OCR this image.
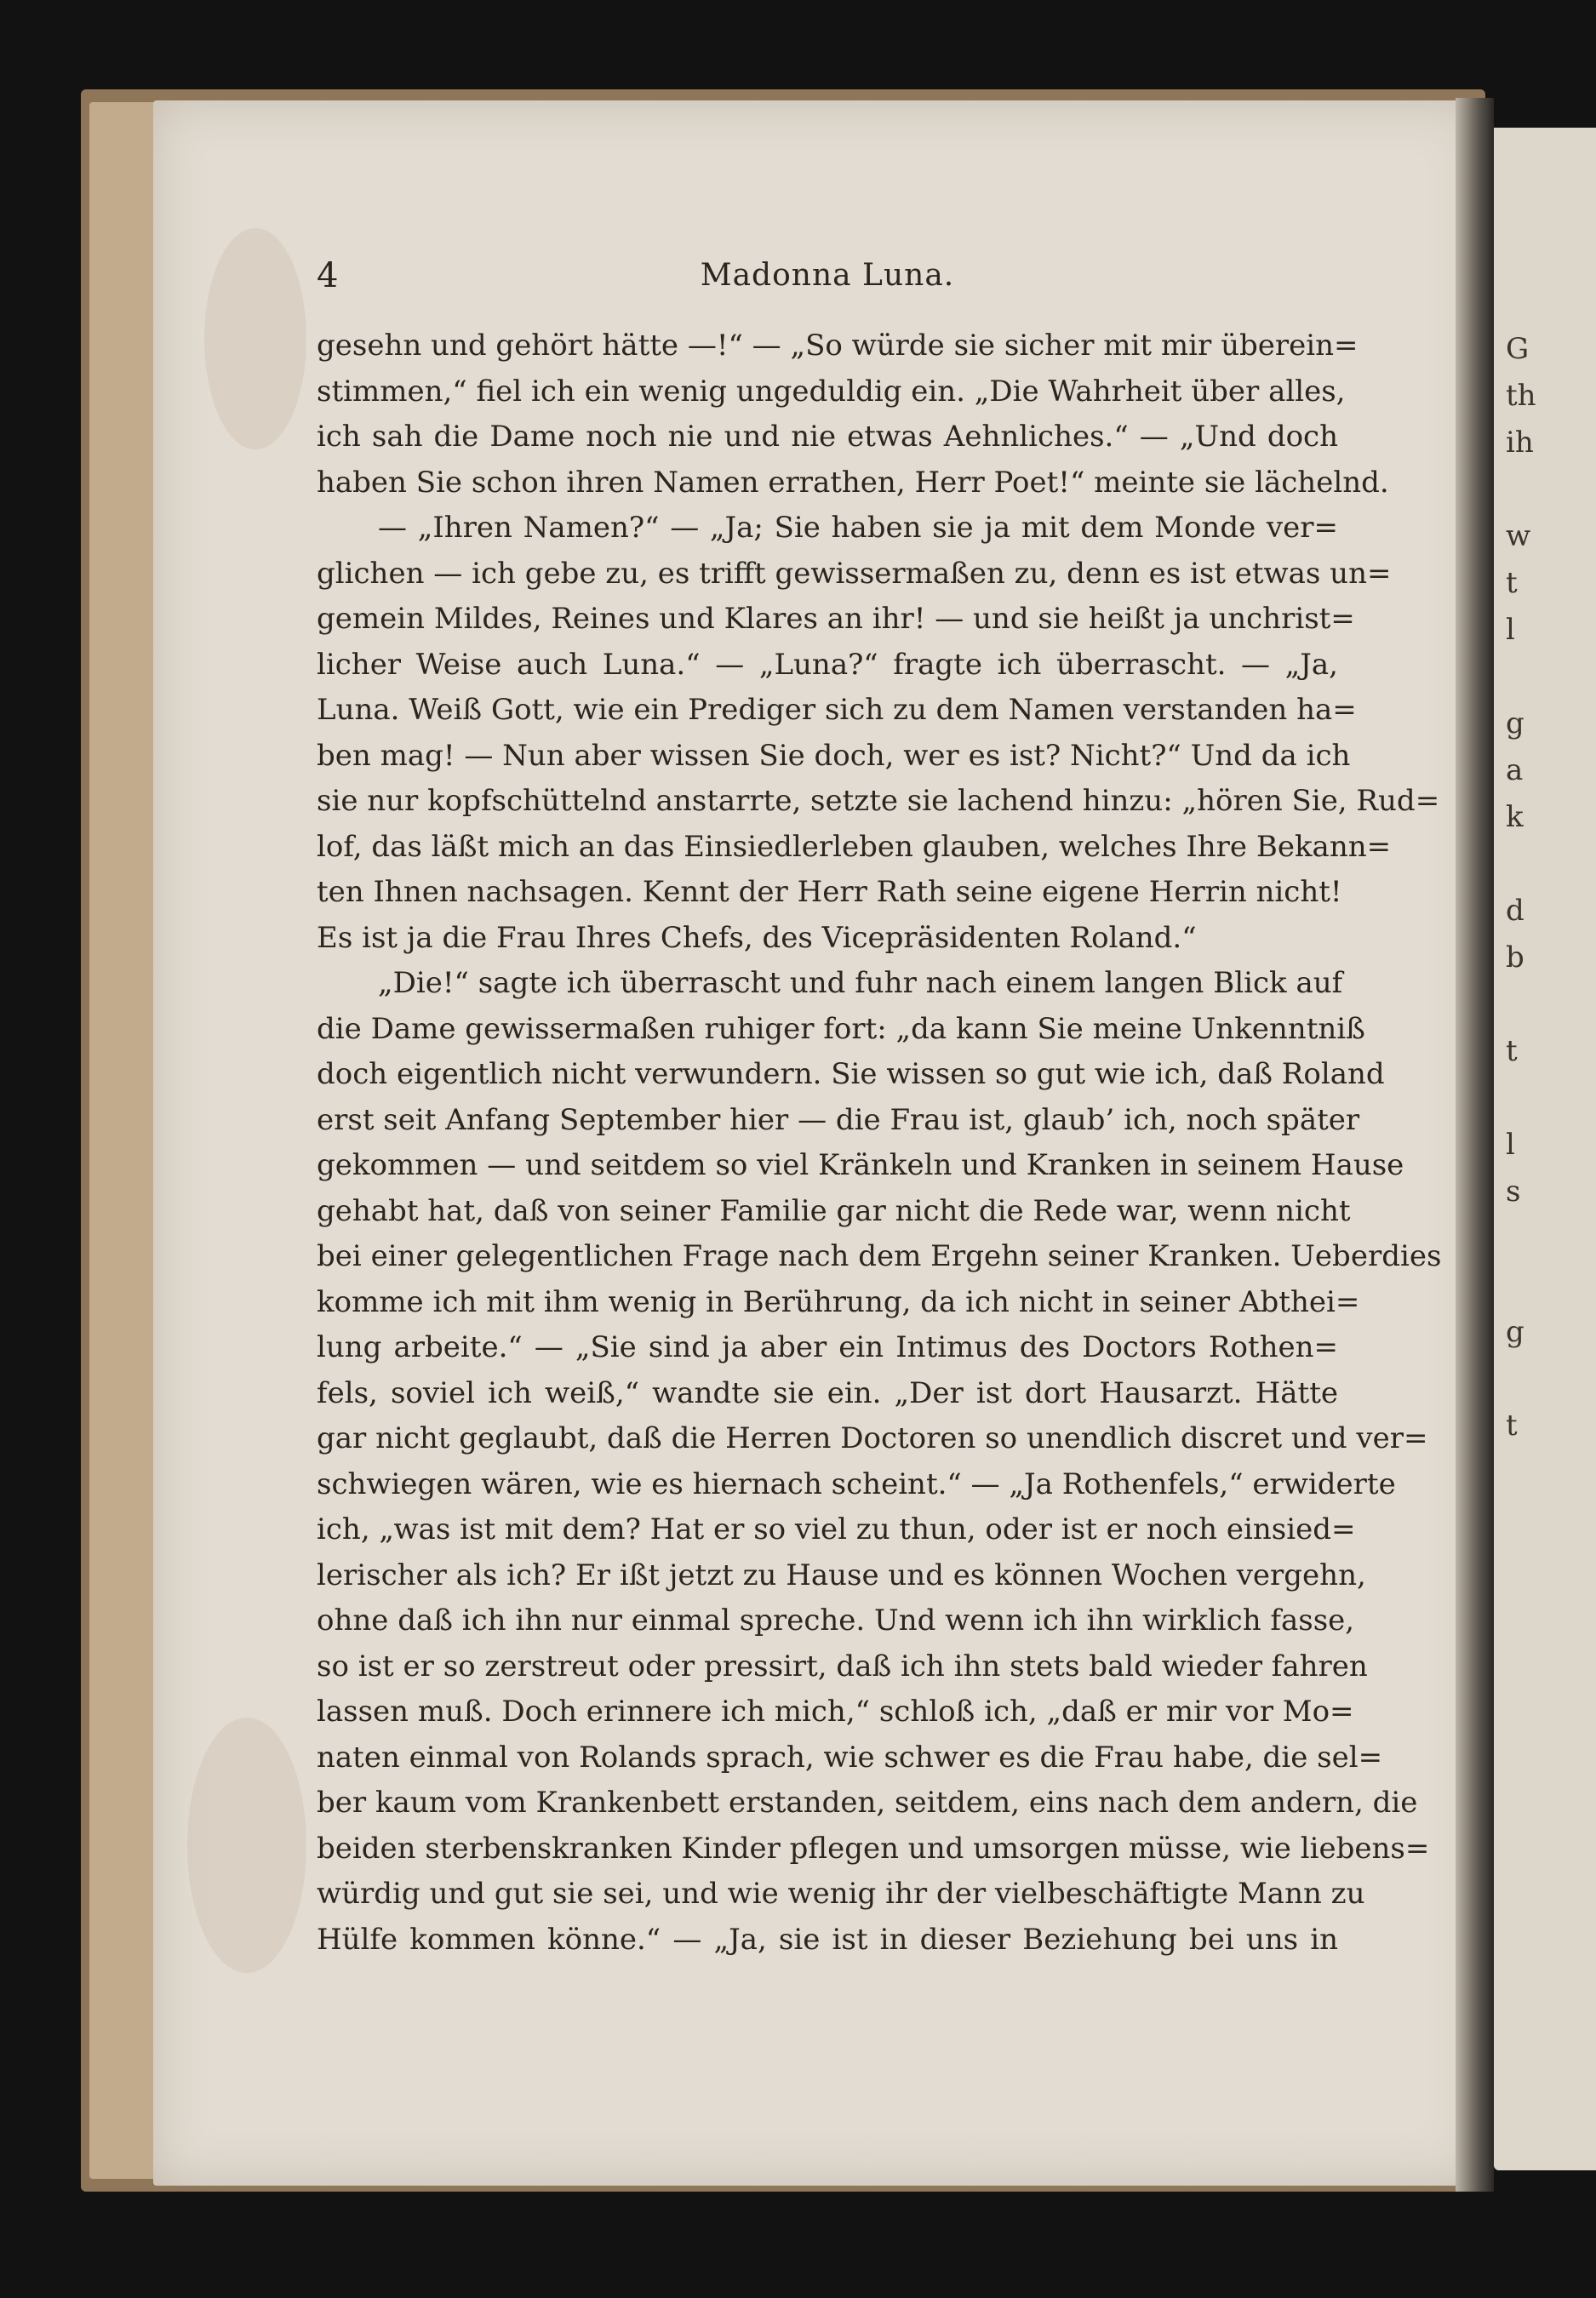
G
th
ih
w
t
l
g
a
k
d
b
t
l
s
g
t
4	Madonna Luna.
gesehn und gehört hätte —!“ — „So würde sie sicher mit mir überein=
stimmen,“ fiel ich ein wenig ungeduldig ein. „Die Wahrheit über alles,
ich sah die Dame noch nie und nie etwas Aehnliches.“ — „Und doch
haben Sie schon ihren Namen errathen, Herr Poet!“ meinte sie lächelnd.
— „Ihren Namen?“ — „Ja; Sie haben sie ja mit dem Monde ver=
glichen — ich gebe zu, es trifft gewissermaßen zu, denn es ist etwas un=
gemein Mildes, Reines und Klares an ihr! — und sie heißt ja unchrist=
licher Weise auch Luna.“ — „Luna?“ fragte ich überrascht. — „Ja,
Luna. Weiß Gott, wie ein Prediger sich zu dem Namen verstanden ha=
ben mag! — Nun aber wissen Sie doch, wer es ist? Nicht?“ Und da ich
sie nur kopfschüttelnd anstarrte, setzte sie lachend hinzu: „hören Sie, Rud=
lof, das läßt mich an das Einsiedlerleben glauben, welches Ihre Bekann=
ten Ihnen nachsagen. Kennt der Herr Rath seine eigene Herrin nicht!
Es ist ja die Frau Ihres Chefs, des Vicepräsidenten Roland.“
„Die!“ sagte ich überrascht und fuhr nach einem langen Blick auf
die Dame gewissermaßen ruhiger fort: „da kann Sie meine Unkenntniß
doch eigentlich nicht verwundern. Sie wissen so gut wie ich, daß Roland
erst seit Anfang September hier — die Frau ist, glaub’ ich, noch später
gekommen — und seitdem so viel Kränkeln und Kranken in seinem Hause
gehabt hat, daß von seiner Familie gar nicht die Rede war, wenn nicht
bei einer gelegentlichen Frage nach dem Ergehn seiner Kranken. Ueberdies
komme ich mit ihm wenig in Berührung, da ich nicht in seiner Abthei=
lung arbeite.“ — „Sie sind ja aber ein Intimus des Doctors Rothen=
fels, soviel ich weiß,“ wandte sie ein. „Der ist dort Hausarzt. Hätte
gar nicht geglaubt, daß die Herren Doctoren so unendlich discret und ver=
schwiegen wären, wie es hiernach scheint.“ — „Ja Rothenfels,“ erwiderte
ich, „was ist mit dem? Hat er so viel zu thun, oder ist er noch einsied=
lerischer als ich? Er ißt jetzt zu Hause und es können Wochen vergehn,
ohne daß ich ihn nur einmal spreche. Und wenn ich ihn wirklich fasse,
so ist er so zerstreut oder pressirt, daß ich ihn stets bald wieder fahren
lassen muß. Doch erinnere ich mich,“ schloß ich, „daß er mir vor Mo=
naten einmal von Rolands sprach, wie schwer es die Frau habe, die sel=
ber kaum vom Krankenbett erstanden, seitdem, eins nach dem andern, die
beiden sterbenskranken Kinder pflegen und umsorgen müsse, wie liebens=
würdig und gut sie sei, und wie wenig ihr der vielbeschäftigte Mann zu
Hülfe kommen könne.“ — „Ja, sie ist in dieser Beziehung bei uns in
